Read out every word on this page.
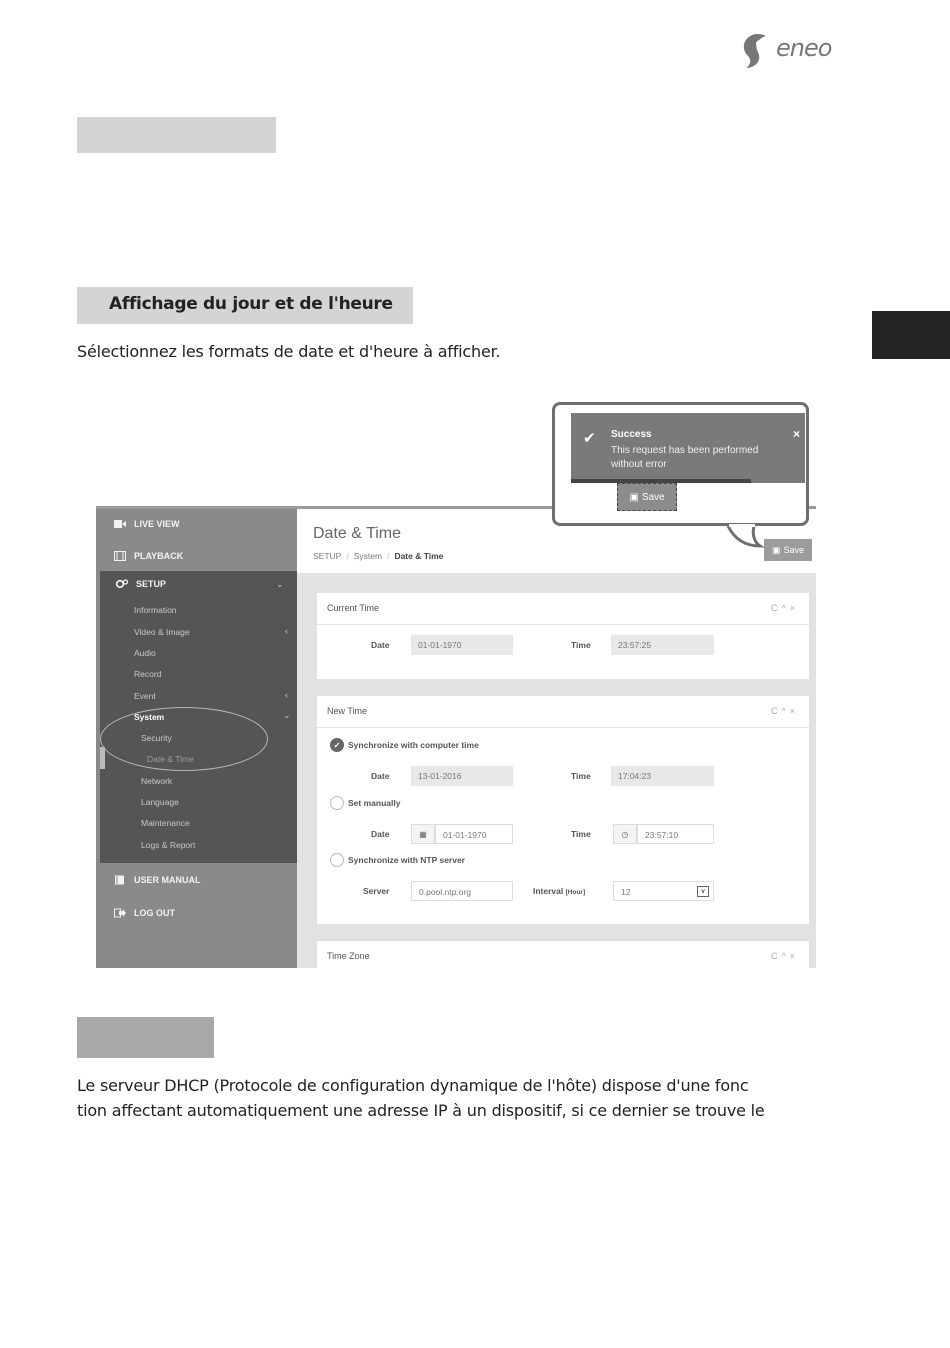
eneo
Affichage du jour et de l'heure
Sélectionnez les formats de date et d'heure à afficher.
LIVE VIEW
PLAYBACK
SETUP	⌄
Information
Video & Image	‹
Audio
Record
Event	‹
System	⌄
Security
Date & Time
Network
Language
Maintenance
Logs & Report
USER MANUAL
LOG OUT
Date & Time
SETUP / System / Date & Time
▣ Save
Current Time	C^×
Date	01-01-1970	Time	23:57:25
New Time	C^×
✓ Synchronize with computer time
Date	13-01-2016	Time	17:04:23
Set manually
Date	▦	01-01-1970	Time	◷	23:57:10
Synchronize with NTP server
Server	0.pool.ntp.org	Interval [Hour]	12	∨
Time Zone	C^×
✔ Success
This request has been performed without error
×
▣ Save
Le serveur DHCP (Protocole de configuration dynamique de l'hôte) dispose d'une fonc
tion affectant automatiquement une adresse IP à un dispositif, si ce dernier se trouve le
